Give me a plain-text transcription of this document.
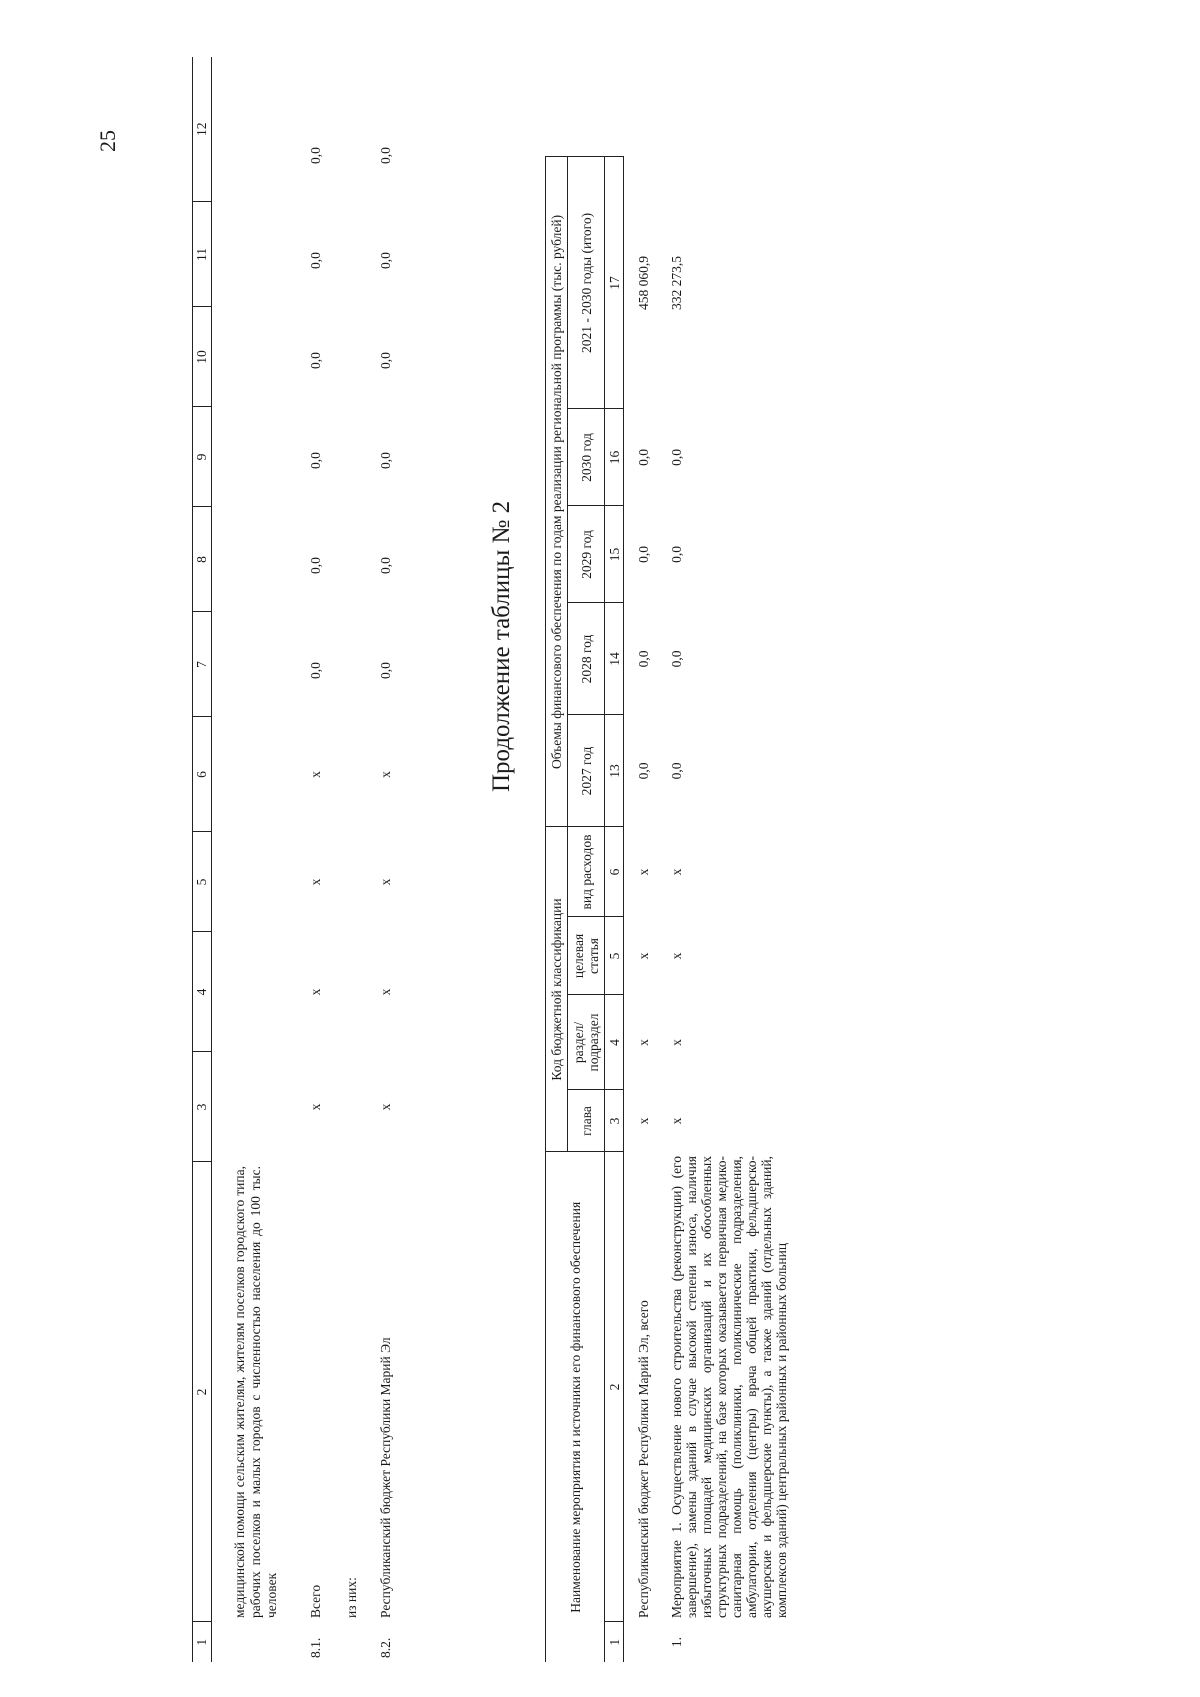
25
1	2	3	4	5	6	7	8	9	10	11	12
	медицинской помощи сельским жителям, жителям поселков городского типа, рабочих поселков и малых городов с численностью населения до 100 тыс. человек										
8.1.	Всего	x	x	x	x	0,0	0,0	0,0	0,0	0,0	0,0
	из них:										
8.2.	Республиканский бюджет Республики Марий Эл	x	x	x	x	0,0	0,0	0,0	0,0	0,0	0,0
Продолжение таблицы № 2
Наименование мероприятия и источники его финансового обеспечения		Код бюджетной классификации				Объемы финансового обеспечения по годам реализации региональной программы (тыс. рублей)				
		глава	раздел/ подраздел	целевая статья	вид расходов	2027 год	2028 год	2029 год	2030 год	2021 - 2030 годы (итого)
1	2	3	4	5	6	13	14	15	16	17
	Республиканский бюджет Республики Марий Эл, всего	x	x	x	x	0,0	0,0	0,0	0,0	458 060,9
1.	Мероприятие 1. Осуществление нового строительства (реконструкции) (его завершение), замены зданий в случае высокой степени износа, наличия избыточных площадей медицинских организаций и их обособленных структурных подразделений, на базе которых оказывается первичная медико-санитарная помощь (поликлиники, поликлинические подразделения, амбулатории, отделения (центры) врача общей практики, фельдшерско-акушерские и фельдшерские пункты), а также зданий (отдельных зданий, комплексов зданий) центральных районных и районных больниц	x	x	x	x	0,0	0,0	0,0	0,0	332 273,5
